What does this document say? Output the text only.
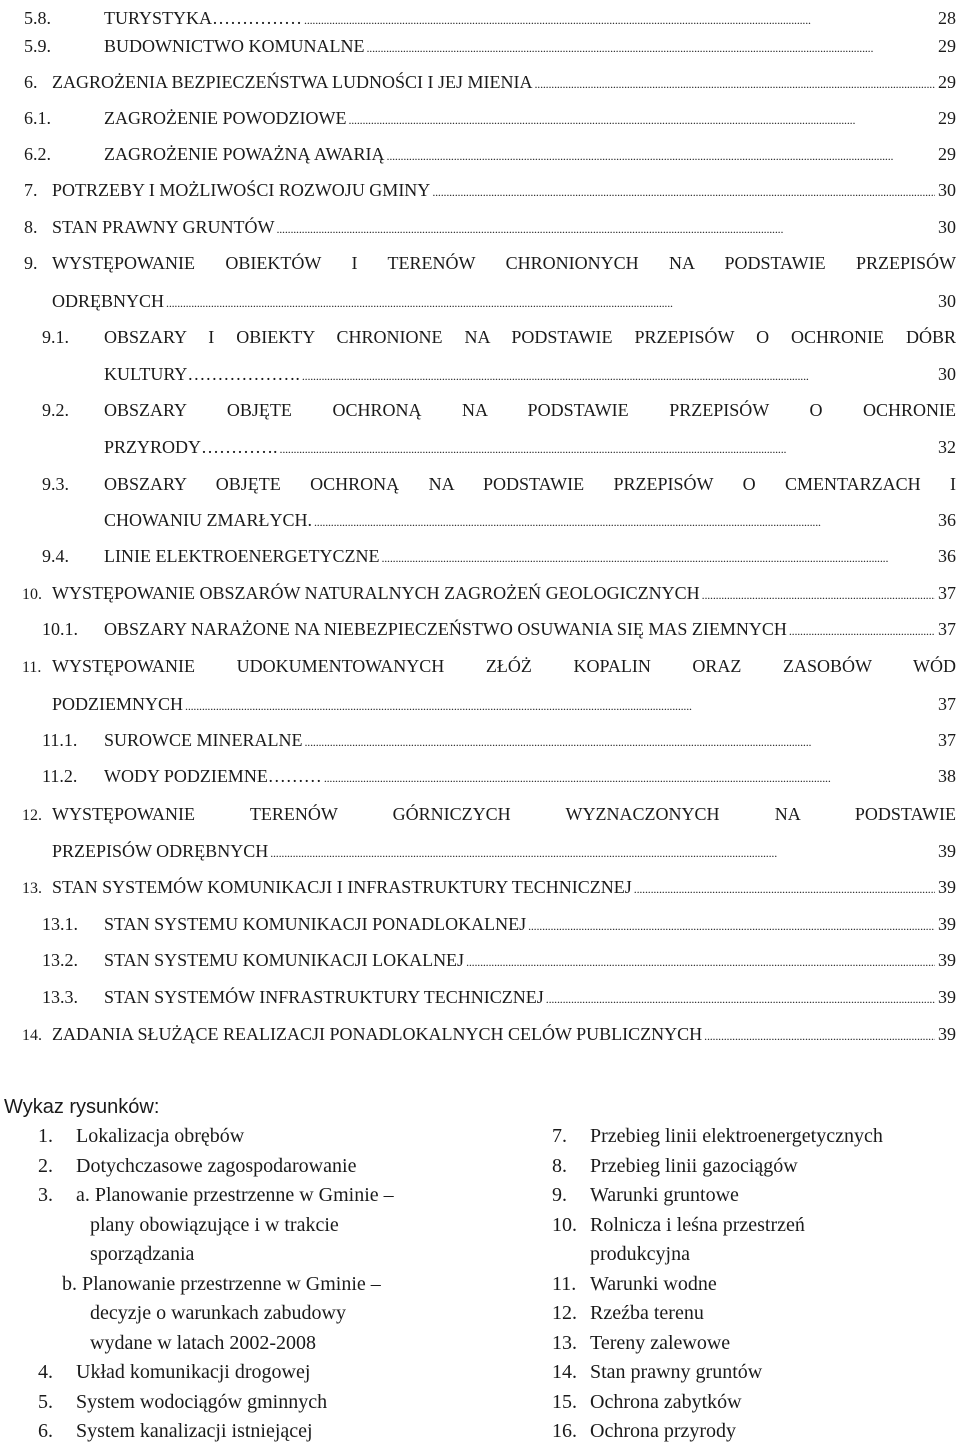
5.8.	TURYSTYKA…………… . . .	28
5.9.	BUDOWNICTWO KOMUNALNE . . .	29
6. ZAGROŻENIA BEZPIECZEŃSTWA LUDNOŚCI I JEJ MIENIA . . .	29
6.1.	ZAGROŻENIE POWODZIOWE . . .	29
6.2.	ZAGROŻENIE POWAŻNĄ AWARIĄ . . .	29
7. POTRZEBY I MOŻLIWOŚCI ROZWOJU GMINY . . .	30
8. STAN PRAWNY GRUNTÓW . . .	30
9. WYSTĘPOWANIE OBIEKTÓW I TERENÓW CHRONIONYCH NA PODSTAWIE PRZEPISÓW
ODRĘBNYCH . . .	30
9.1.	OBSZARY I OBIEKTY CHRONIONE NA PODSTAWIE PRZEPISÓW O OCHRONIE DÓBR
KULTURY………………. . . .	30
9.2.	OBSZARY OBJĘTE OCHRONĄ NA PODSTAWIE PRZEPISÓW O OCHRONIE
PRZYRODY…………. . . .	32
9.3.	OBSZARY OBJĘTE OCHRONĄ NA PODSTAWIE PRZEPISÓW O CMENTARZACH I
CHOWANIU ZMARŁYCH. . . .	36
9.4.	LINIE ELEKTROENERGETYCZNE . . .	36
10. WYSTĘPOWANIE OBSZARÓW NATURALNYCH ZAGROŻEŃ GEOLOGICZNYCH . . .	37
10.1.	OBSZARY NARAŻONE NA NIEBEZPIECZEŃSTWO OSUWANIA SIĘ MAS ZIEMNYCH . . .	37
11. WYSTĘPOWANIE UDOKUMENTOWANYCH ZŁÓŻ KOPALIN ORAZ ZASOBÓW WÓD
PODZIEMNYCH . . .	37
11.1.	SUROWCE MINERALNE . . .	37
11.2.	WODY PODZIEMNE……… . . .	38
12. WYSTĘPOWANIE TERENÓW GÓRNICZYCH WYZNACZONYCH NA PODSTAWIE
PRZEPISÓW ODRĘBNYCH . . .	39
13. STAN SYSTEMÓW KOMUNIKACJI I INFRASTRUKTURY TECHNICZNEJ . . .	39
13.1.	STAN SYSTEMU KOMUNIKACJI PONADLOKALNEJ . . .	39
13.2.	STAN SYSTEMU KOMUNIKACJI LOKALNEJ . . .	39
13.3.	STAN SYSTEMÓW INFRASTRUKTURY TECHNICZNEJ . . .	39
14. ZADANIA SŁUŻĄCE REALIZACJI PONADLOKALNYCH CELÓW PUBLICZNYCH . . .	39
Wykaz rysunków:
1. Lokalizacja obrębów
2. Dotychczasowe zagospodarowanie
3. a. Planowanie przestrzenne w Gminie –
plany obowiązujące i w trakcie
sporządzania
b. Planowanie przestrzenne w Gminie –
decyzje o warunkach zabudowy
wydane w latach 2002-2008
4. Układ komunikacji drogowej
5. System wodociągów gminnych
6. System kanalizacji istniejącej
7. Przebieg linii elektroenergetycznych
8. Przebieg linii gazociągów
9. Warunki gruntowe
10. Rolnicza i leśna przestrzeń
produkcyjna
11. Warunki wodne
12. Rzeźba terenu
13. Tereny zalewowe
14. Stan prawny gruntów
15. Ochrona zabytków
16. Ochrona przyrody
